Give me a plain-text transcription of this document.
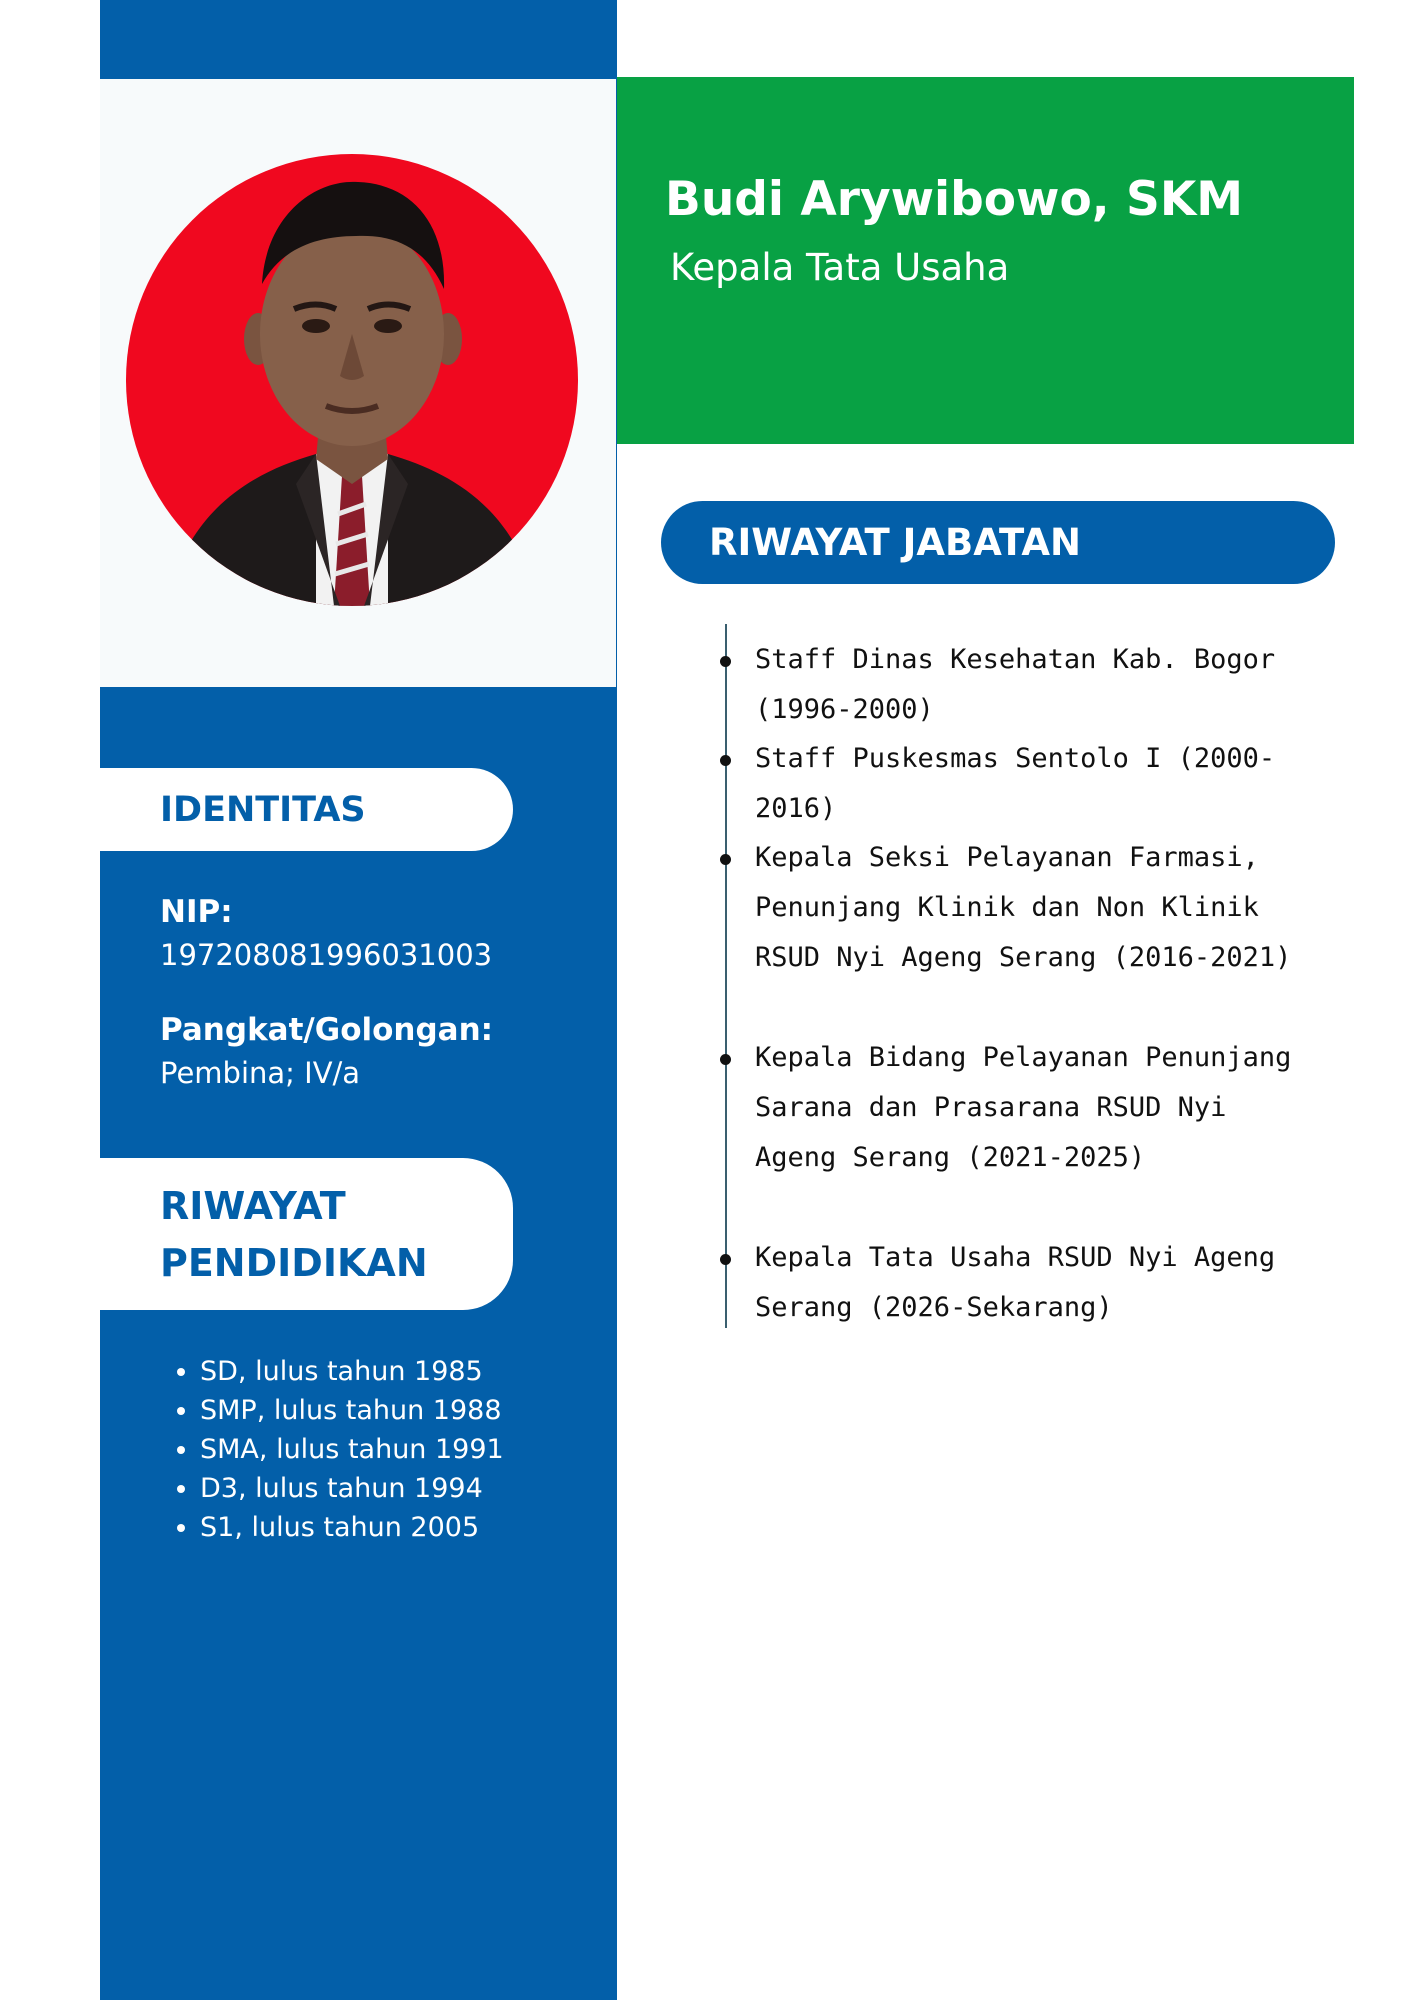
Budi Arywibowo, SKM
Kepala Tata Usaha
IDENTITAS
NIP:
197208081996031003
Pangkat/Golongan:
Pembina; IV/a
RIWAYAT
PENDIDIKAN
• SD, lulus tahun 1985
• SMP, lulus tahun 1988
• SMA, lulus tahun 1991
• D3, lulus tahun 1994
• S1, lulus tahun 2005
RIWAYAT JABATAN
Staff Dinas Kesehatan Kab. Bogor (1996-2000)
Staff Puskesmas Sentolo I (2000-2016)
Kepala Seksi Pelayanan Farmasi, Penunjang Klinik dan Non Klinik RSUD Nyi Ageng Serang (2016-2021)
Kepala Bidang Pelayanan Penunjang Sarana dan Prasarana RSUD Nyi Ageng Serang (2021-2025)
Kepala Tata Usaha RSUD Nyi Ageng Serang (2026-Sekarang)
